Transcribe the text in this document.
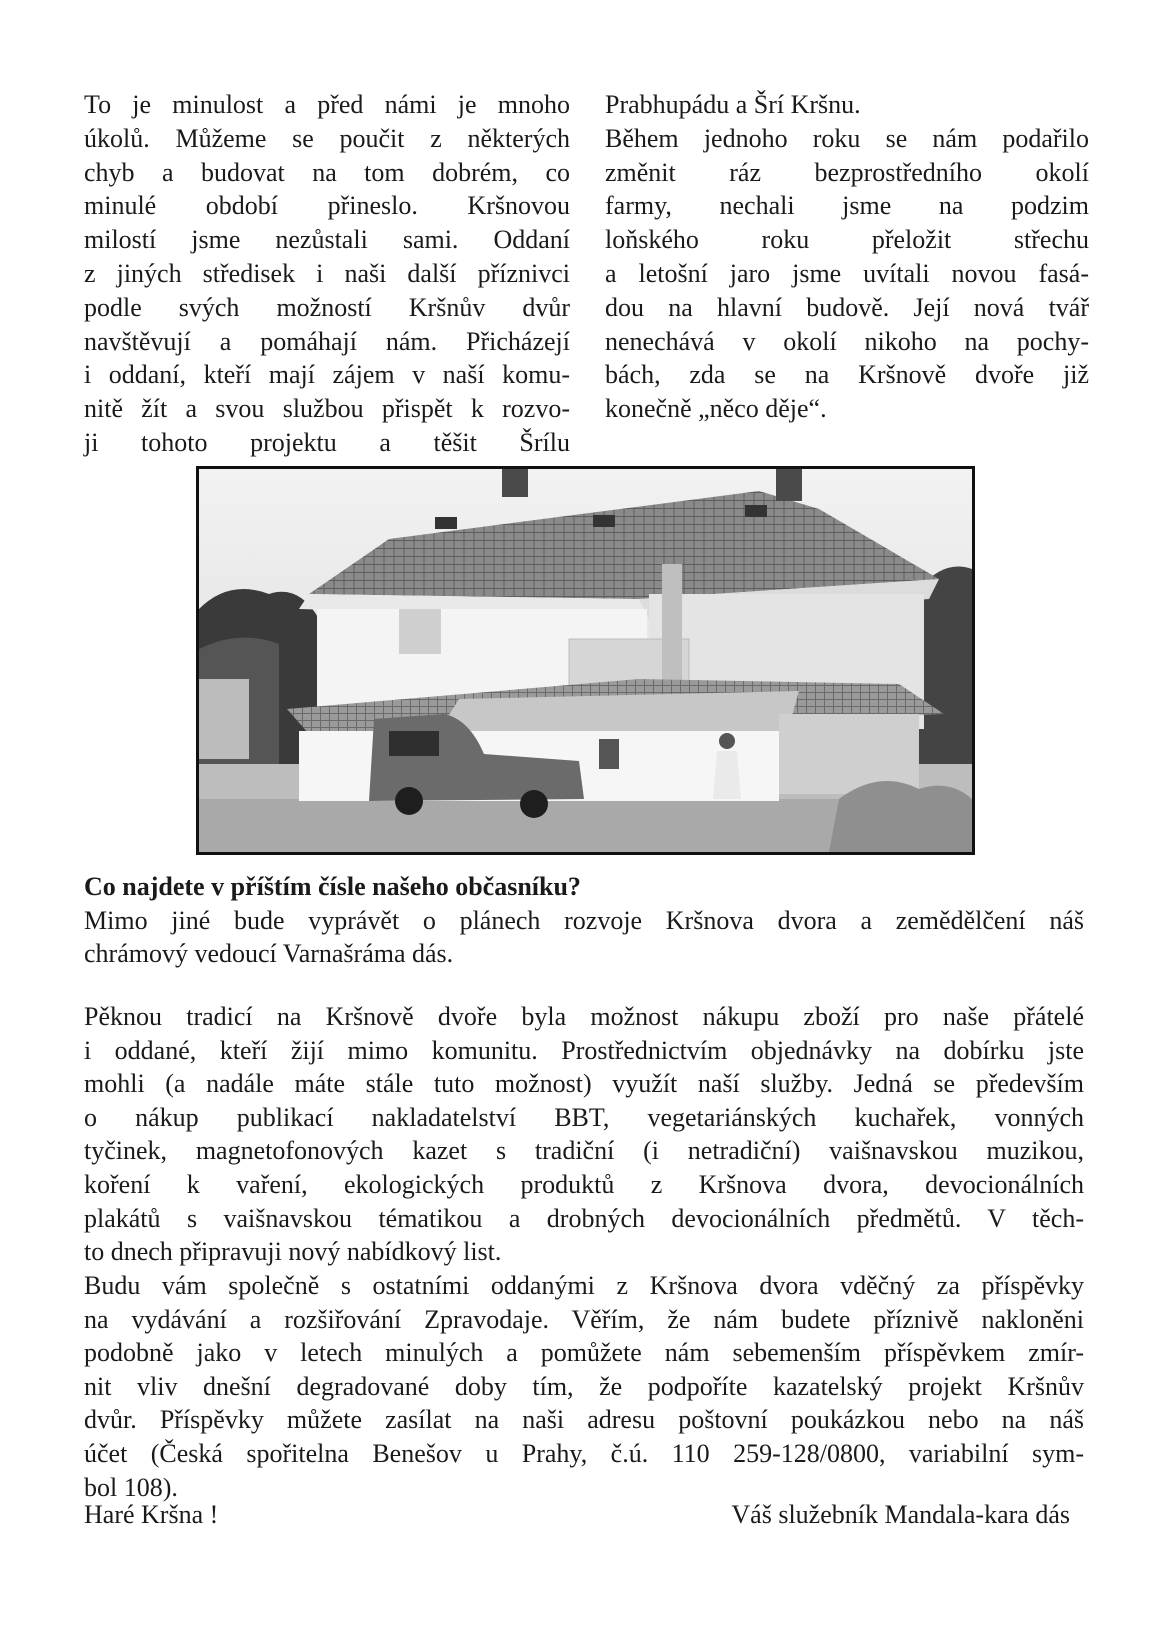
To je minulost a před námi je mnoho
úkolů. Můžeme se poučit z některých
chyb a budovat na tom dobrém, co
minulé období přineslo. Kršnovou
milostí jsme nezůstali sami. Oddaní
z jiných středisek i naši další příznivci
podle svých možností Kršnův dvůr
navštěvují a pomáhají nám. Přicházejí
i oddaní, kteří mají zájem v naší komu-
nitě žít a svou službou přispět k rozvo-
ji tohoto projektu a těšit Šrílu
Prabhupádu a Šrí Kršnu.
Během jednoho roku se nám podařilo
změnit ráz bezprostředního okolí
farmy, nechali jsme na podzim
loňského roku přeložit střechu
a letošní jaro jsme uvítali novou fasá-
dou na hlavní budově. Její nová tvář
nenechává v okolí nikoho na pochy-
bách, zda se na Kršnově dvoře již
konečně „něco děje“.
Co najdete v příštím čísle našeho občasníku?
Mimo jiné bude vyprávět o plánech rozvoje Kršnova dvora a zemědělčení náš
chrámový vedoucí Varnašráma dás.
Pěknou tradicí na Kršnově dvoře byla možnost nákupu zboží pro naše přátelé
i oddané, kteří žijí mimo komunitu. Prostřednictvím objednávky na dobírku jste
mohli (a nadále máte stále tuto možnost) využít naší služby. Jedná se především
o nákup publikací nakladatelství BBT, vegetariánských kuchařek, vonných
tyčinek, magnetofonových kazet s tradiční (i netradiční) vaišnavskou muzikou,
koření k vaření, ekologických produktů z Kršnova dvora, devocionálních
plakátů s vaišnavskou tématikou a drobných devocionálních předmětů. V těch-
to dnech připravuji nový nabídkový list.
Budu vám společně s ostatními oddanými z Kršnova dvora vděčný za příspěvky
na vydávání a rozšiřování Zpravodaje. Věřím, že nám budete příznivě nakloněni
podobně jako v letech minulých a pomůžete nám sebemenším příspěvkem zmír-
nit vliv dnešní degradované doby tím, že podpoříte kazatelský projekt Kršnův
dvůr. Příspěvky můžete zasílat na naši adresu poštovní poukázkou nebo na náš
účet (Česká spořitelna Benešov u Prahy, č.ú. 110 259-128/0800, variabilní sym-
bol 108).
Haré Kršna !	Váš služebník Mandala-kara dás
